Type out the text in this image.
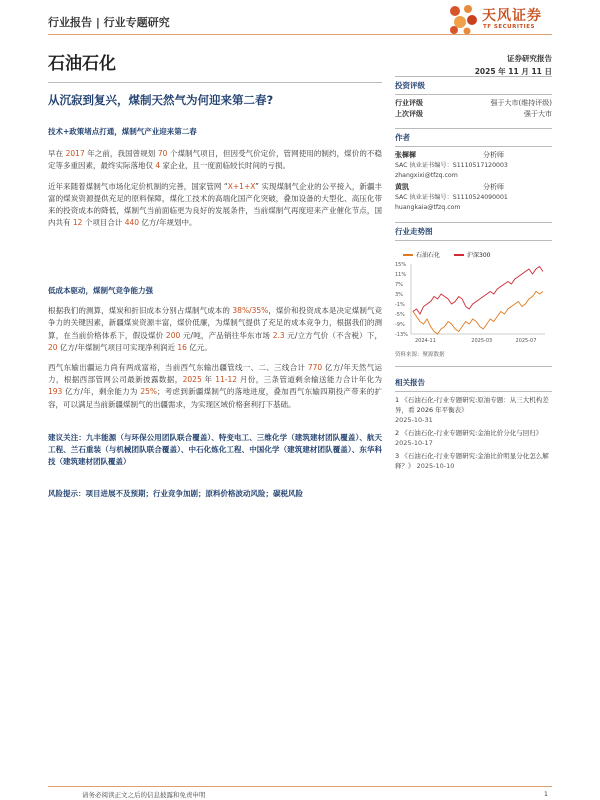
行业报告 | 行业专题研究	天风证券
TF SECURITIES
石油石化	证券研究报告
2025 年 11 月 11 日
从沉寂到复兴，煤制天然气为何迎来第二春?
技术+政策堵点打通，煤制气产业迎来第二春
早在 2017 年之前，我国曾规划 70 个煤制气项目，但因受气价定价，管网使用的制约，煤价的不稳定等多重因素，最终实际落地仅 4 家企业，且一度面临较长时间的亏损。
近年来随着煤制气市场化定价机制的完善，国家管网 “X+1+X” 实现煤制气企业的公平接入，新疆丰富的煤炭资源提供充足的原料保障，煤化工技术的高端化国产化突破，叠加设备的大型化、高压化带来的投资成本的降低，煤制气当前面临更为良好的发展条件，当前煤制气再度迎来产业催化节点，国内共有 12 个项目合计 440 亿方/年规划中。
低成本驱动，煤制气竞争能力强
根据我们的测算，煤炭和折旧成本分别占煤制气成本的 38%/35%，煤价和投资成本是决定煤制气竞争力的关键因素，新疆煤炭资源丰富，煤价低廉，为煤制气提供了充足的成本竞争力，根据我们的测算，在当前价格体系下，假设煤价 200 元/吨，产品销往华东市场 2.3 元/立方气价（不含税）下，20 亿方/年煤制气项目可实现净利润近 16 亿元。
西气东输出疆运力尚有两成富裕，当前西气东输出疆管线一、二、三线合计 770 亿方/年天然气运力，根据西部管网公司最新披露数据，2025 年 11-12 月份，三条管道剩余输送能力合计年化为 193 亿方/年，剩余能力为 25%；考虑到新疆煤制气的落地进度，叠加西气东输四期投产带来的扩容，可以满足当前新疆煤制气的出疆需求，为实现区域价格套利打下基础。
建议关注：九丰能源（与环保公用团队联合覆盖）、特变电工、三维化学（建筑建材团队覆盖）、航天工程、兰石重装（与机械团队联合覆盖）、中石化炼化工程、中国化学（建筑建材团队覆盖）、东华科技（建筑建材团队覆盖）
风险提示：项目进展不及预期；行业竞争加剧；原料价格波动风险；碳税风险
投资评级
行业评级	强于大市(维持评级)
上次评级	强于大市
作者
张樨樨	分析师
SAC 执业证书编号：S1110517120003
zhangxixi@tfzq.com
黄凯	分析师
SAC 执业证书编号：S1110524090001
huangkaia@tfzq.com
行业走势图
石油石化	沪深300
15%
11%
7%
3%
-1%
-5%
-9%
-13%
2024-11	2025-03	2025-07
资料来源：聚源数据
相关报告
1 《石油石化-行业专题研究:原油专题：从三大机构差异，看 2026 年平衡表》
2025-10-31
2 《石油石化-行业专题研究:金油比价分化与回归》 2025-10-17
3 《石油石化-行业专题研究:金油比价明显分化怎么解释？》 2025-10-10
请务必阅读正文之后的信息披露和免责申明	1
